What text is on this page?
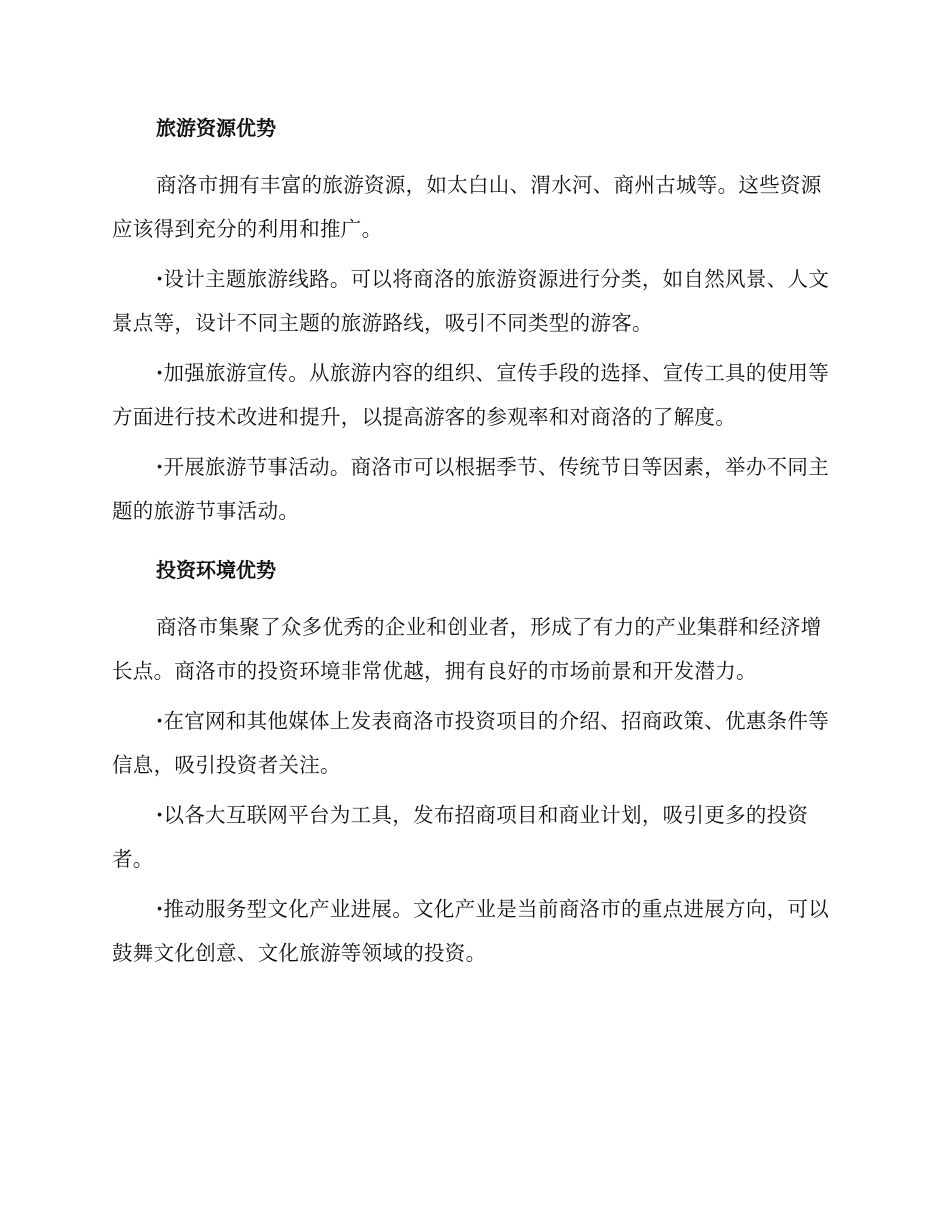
旅游资源优势

商洛市拥有丰富的旅游资源，如太白山、渭水河、商州古城等。这些资源应该得到充分的利用和推广。

·设计主题旅游线路。可以将商洛的旅游资源进行分类，如自然风景、人文景点等，设计不同主题的旅游路线，吸引不同类型的游客。

·加强旅游宣传。从旅游内容的组织、宣传手段的选择、宣传工具的使用等方面进行技术改进和提升，以提高游客的参观率和对商洛的了解度。

·开展旅游节事活动。商洛市可以根据季节、传统节日等因素，举办不同主题的旅游节事活动。

投资环境优势

商洛市集聚了众多优秀的企业和创业者，形成了有力的产业集群和经济增长点。商洛市的投资环境非常优越，拥有良好的市场前景和开发潜力。

·在官网和其他媒体上发表商洛市投资项目的介绍、招商政策、优惠条件等信息，吸引投资者关注。

·以各大互联网平台为工具，发布招商项目和商业计划，吸引更多的投资者。

·推动服务型文化产业进展。文化产业是当前商洛市的重点进展方向，可以鼓舞文化创意、文化旅游等领域的投资。
